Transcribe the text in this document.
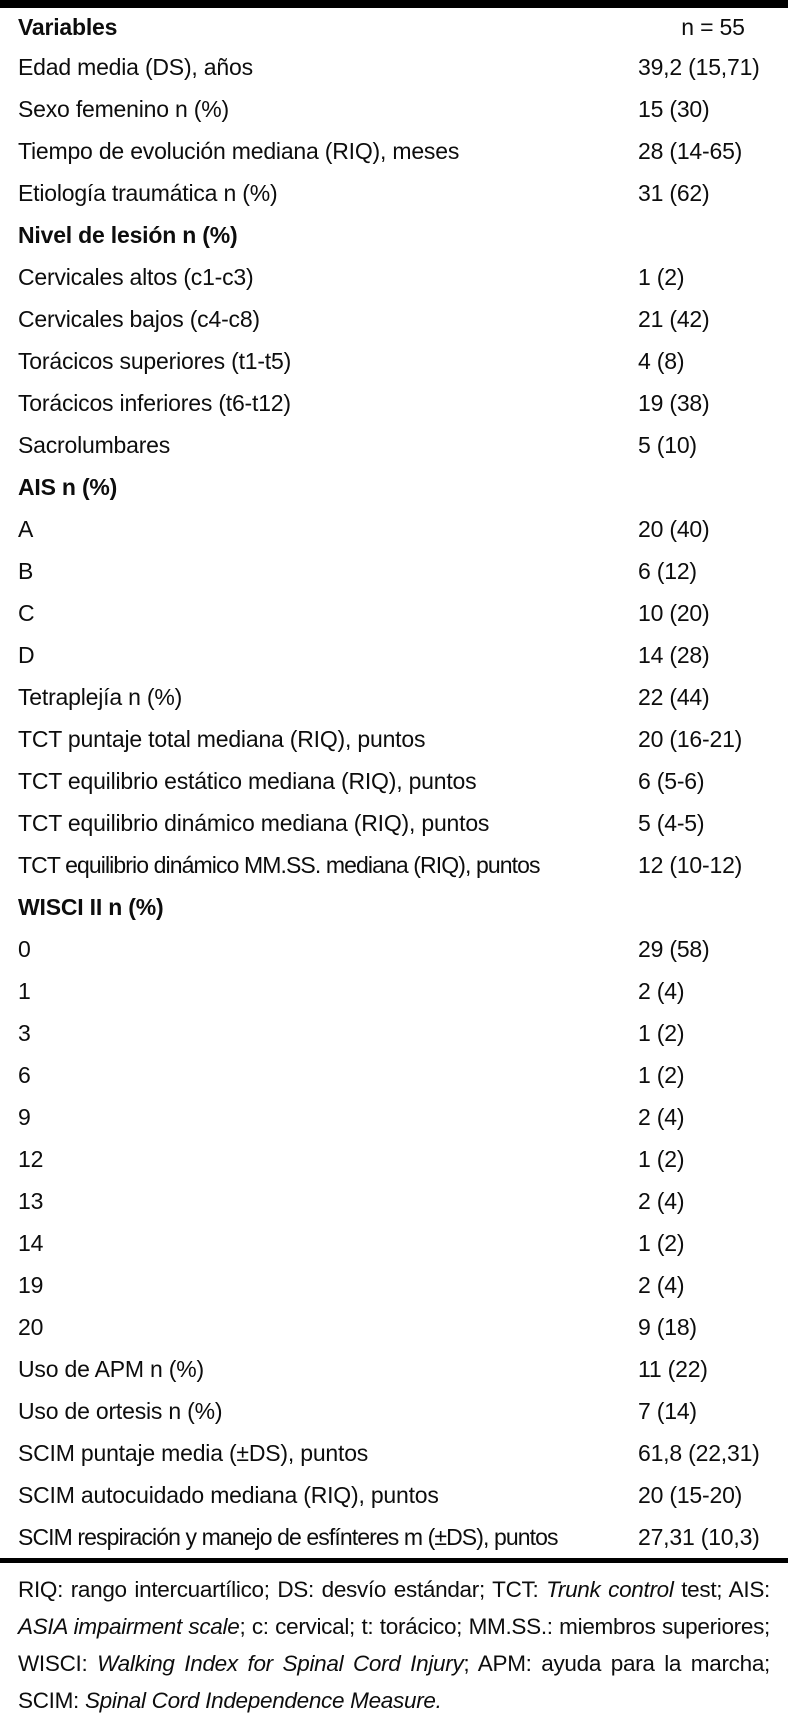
Variables	n = 55
Edad media (DS), años	39,2 (15,71)
Sexo femenino n (%)	15 (30)
Tiempo de evolución mediana (RIQ), meses	28 (14-65)
Etiología traumática n (%)	31 (62)
Nivel de lesión n (%)	
Cervicales altos (c1-c3)	1 (2)
Cervicales bajos (c4-c8)	21 (42)
Torácicos superiores (t1-t5)	4 (8)
Torácicos inferiores (t6-t12)	19 (38)
Sacrolumbares	5 (10)
AIS n (%)	
A	20 (40)
B	6 (12)
C	10 (20)
D	14 (28)
Tetraplejía n (%)	22 (44)
TCT puntaje total mediana (RIQ), puntos	20 (16-21)
TCT equilibrio estático mediana (RIQ), puntos	6 (5-6)
TCT equilibrio dinámico mediana (RIQ), puntos	5 (4-5)
TCT equilibrio dinámico MM.SS. mediana (RIQ), puntos	12 (10-12)
WISCI II n (%)	
0	29 (58)
1	2 (4)
3	1 (2)
6	1 (2)
9	2 (4)
12	1 (2)
13	2 (4)
14	1 (2)
19	2 (4)
20	9 (18)
Uso de APM n (%)	11 (22)
Uso de ortesis n (%)	7 (14)
SCIM puntaje media (±DS), puntos	61,8 (22,31)
SCIM autocuidado mediana (RIQ), puntos	20 (15-20)
SCIM respiración y manejo de esfínteres m (±DS), puntos	27,31 (10,3)

RIQ: rango intercuartílico; DS: desvío estándar; TCT: Trunk control test; AIS: ASIA impairment scale; c: cervical; t: torácico; MM.SS.: miembros superiores; WISCI: Walking Index for Spinal Cord Injury; APM: ayuda para la marcha; SCIM: Spinal Cord Independence Measure.
